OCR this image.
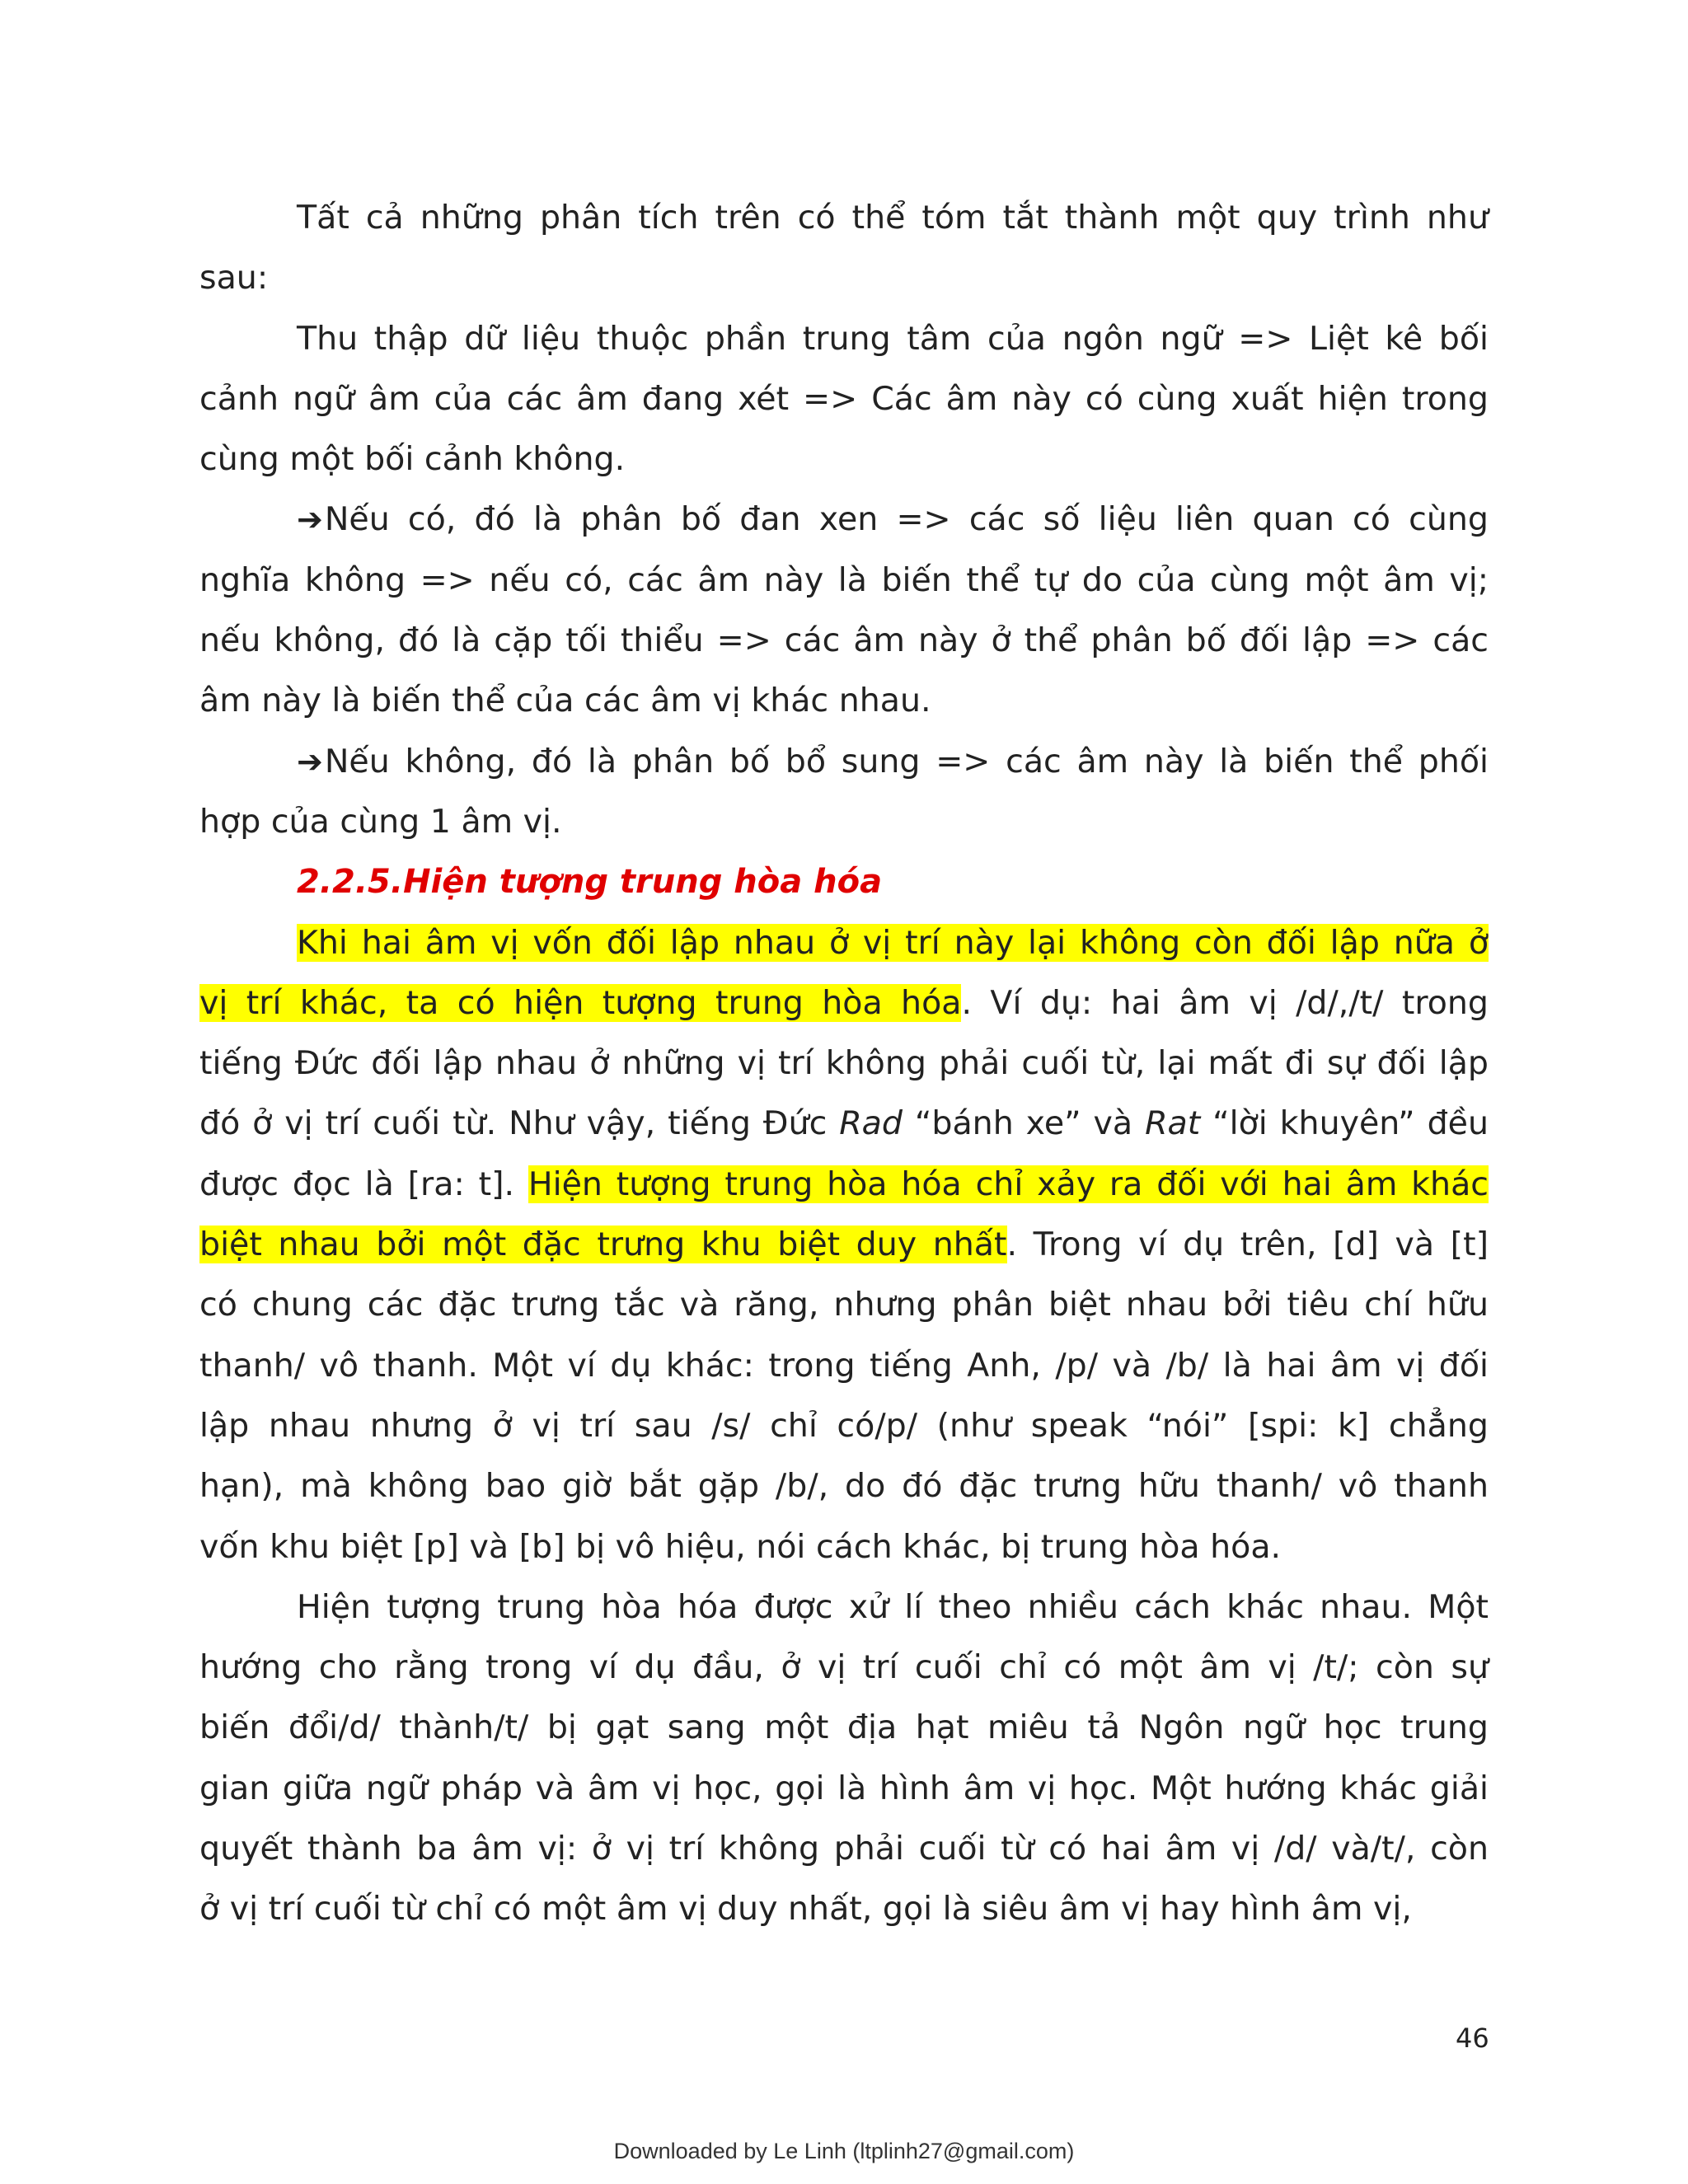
Tất cả những phân tích trên có thể tóm tắt thành một quy trình như
sau:
Thu thập dữ liệu thuộc phần trung tâm của ngôn ngữ => Liệt kê bối
cảnh ngữ âm của các âm đang xét => Các âm này có cùng xuất hiện trong
cùng một bối cảnh không.
➔Nếu có, đó là phân bố đan xen => các số liệu liên quan có cùng
nghĩa không => nếu có, các âm này là biến thể tự do của cùng một âm vị;
nếu không, đó là cặp tối thiểu => các âm này ở thể phân bố đối lập => các
âm này là biến thể của các âm vị khác nhau.
➔Nếu không, đó là phân bố bổ sung => các âm này là biến thể phối
hợp của cùng 1 âm vị.
2.2.5.Hiện tượng trung hòa hóa
Khi hai âm vị vốn đối lập nhau ở vị trí này lại không còn đối lập nữa ở
vị trí khác, ta có hiện tượng trung hòa hóa. Ví dụ: hai âm vị /d/,/t/ trong
tiếng Đức đối lập nhau ở những vị trí không phải cuối từ, lại mất đi sự đối lập
đó ở vị trí cuối từ. Như vậy, tiếng Đức Rad “bánh xe” và Rat “lời khuyên” đều
được đọc là [ra: t]. Hiện tượng trung hòa hóa chỉ xảy ra đối với hai âm khác
biệt nhau bởi một đặc trưng khu biệt duy nhất. Trong ví dụ trên, [d] và [t]
có chung các đặc trưng tắc và răng, nhưng phân biệt nhau bởi tiêu chí hữu
thanh/ vô thanh. Một ví dụ khác: trong tiếng Anh, /p/ và /b/ là hai âm vị đối
lập nhau nhưng ở vị trí sau /s/ chỉ có/p/ (như speak “nói” [spi: k] chẳng
hạn), mà không bao giờ bắt gặp /b/, do đó đặc trưng hữu thanh/ vô thanh
vốn khu biệt [p] và [b] bị vô hiệu, nói cách khác, bị trung hòa hóa.
Hiện tượng trung hòa hóa được xử lí theo nhiều cách khác nhau. Một
hướng cho rằng trong ví dụ đầu, ở vị trí cuối chỉ có một âm vị /t/; còn sự
biến đổi/d/ thành/t/ bị gạt sang một địa hạt miêu tả Ngôn ngữ học trung
gian giữa ngữ pháp và âm vị học, gọi là hình âm vị học. Một hướng khác giải
quyết thành ba âm vị: ở vị trí không phải cuối từ có hai âm vị /d/ và/t/, còn
ở vị trí cuối từ chỉ có một âm vị duy nhất, gọi là siêu âm vị hay hình âm vị,
46
Downloaded by Le Linh (ltplinh27@gmail.com)
